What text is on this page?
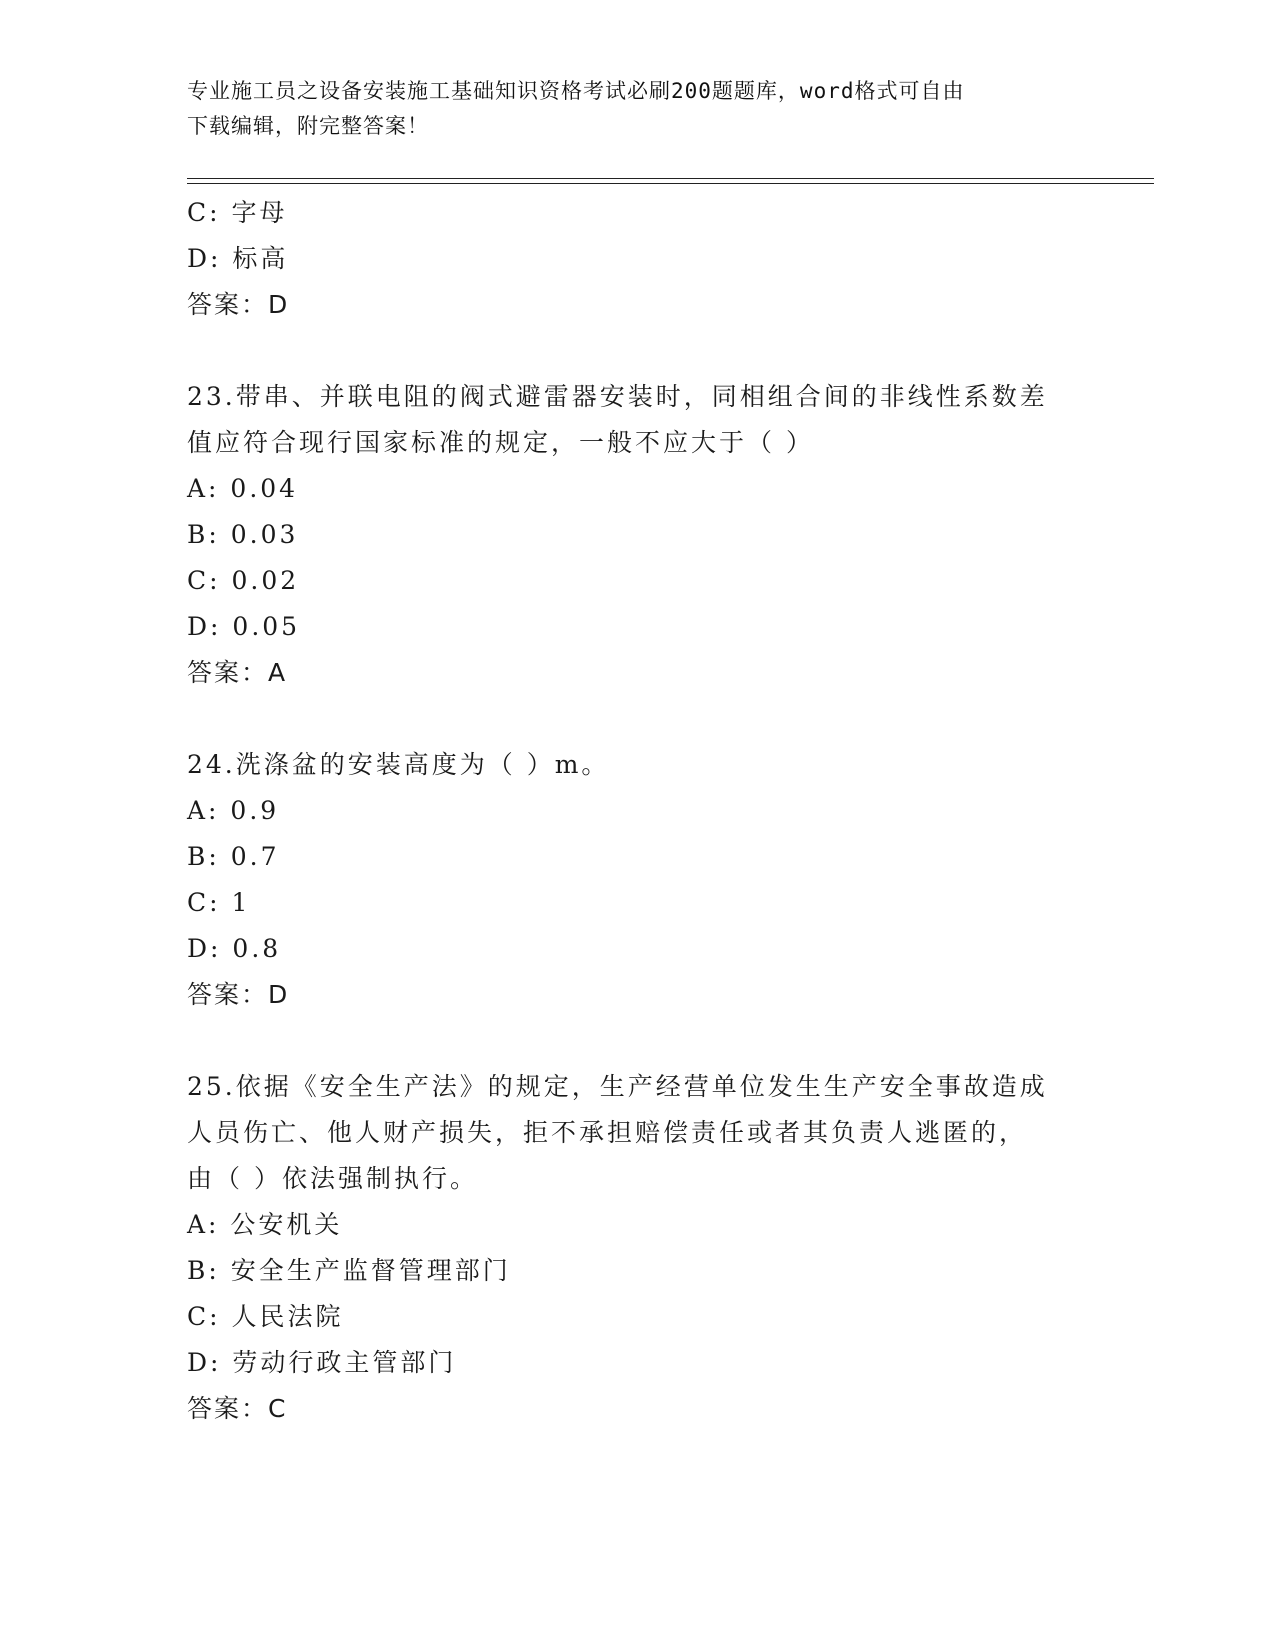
专业施工员之设备安装施工基础知识资格考试必刷200题题库，word格式可自由
下载编辑，附完整答案！
C: 字母
D: 标高
答案：D
23.带串、并联电阻的阀式避雷器安装时，同相组合间的非线性系数差
值应符合现行国家标准的规定，一般不应大于（ ）
A: 0.04
B: 0.03
C: 0.02
D: 0.05
答案：A
24.洗涤盆的安装高度为（ ）m。
A: 0.9
B: 0.7
C: 1
D: 0.8
答案：D
25.依据《安全生产法》的规定，生产经营单位发生生产安全事故造成
人员伤亡、他人财产损失，拒不承担赔偿责任或者其负责人逃匿的，
由（ ）依法强制执行。
A: 公安机关
B: 安全生产监督管理部门
C: 人民法院
D: 劳动行政主管部门
答案：C
